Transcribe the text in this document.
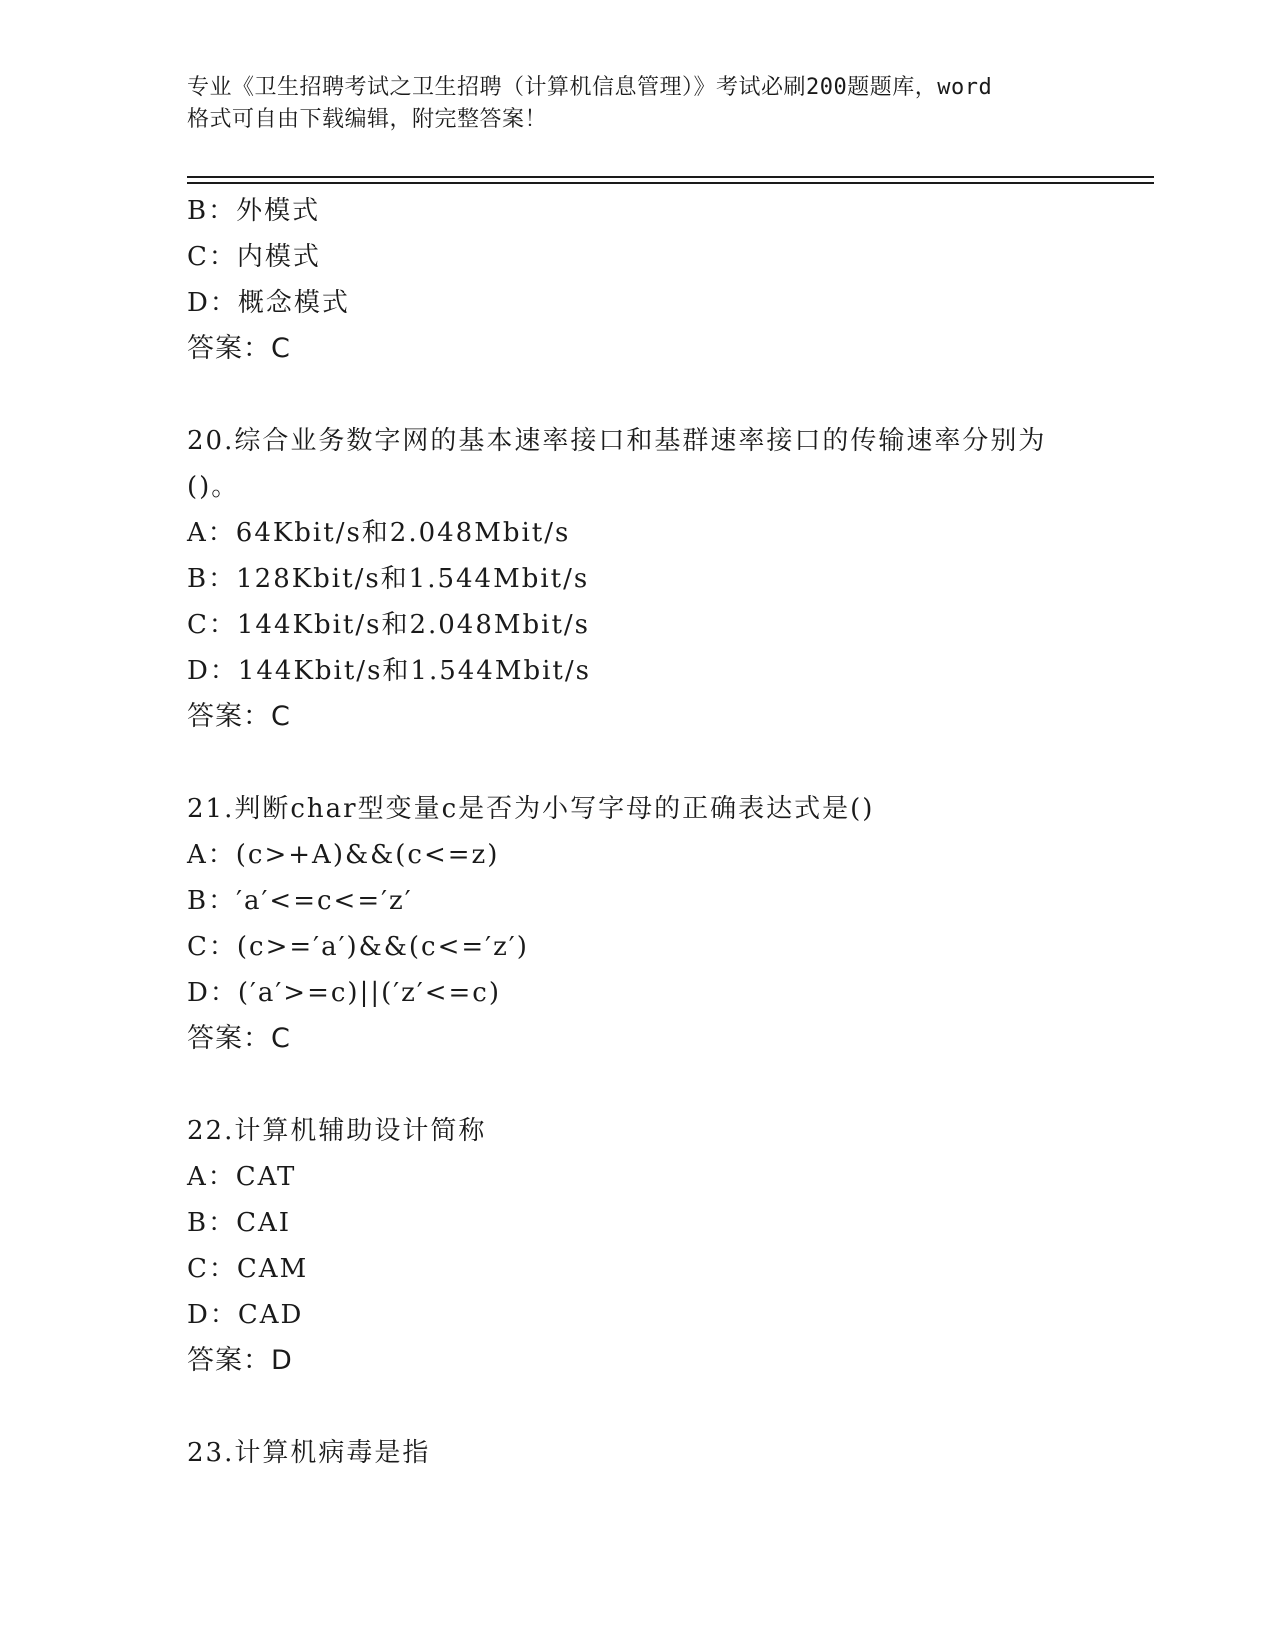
专业《卫生招聘考试之卫生招聘（计算机信息管理）》考试必刷200题题库，word
格式可自由下载编辑，附完整答案！
B：外模式
C：内模式
D：概念模式
答案：C
20.综合业务数字网的基本速率接口和基群速率接口的传输速率分别为
()。
A：64Kbit/s和2.048Mbit/s
B：128Kbit/s和1.544Mbit/s
C：144Kbit/s和2.048Mbit/s
D：144Kbit/s和1.544Mbit/s
答案：C
21.判断char型变量c是否为小写字母的正确表达式是()
A：(c>+A)&&(c<=z)
B：′a′<=c<=′z′
C：(c>=′a′)&&(c<=′z′)
D：(′a′>=c)||(′z′<=c)
答案：C
22.计算机辅助设计简称
A：CAT
B：CAI
C：CAM
D：CAD
答案：D
23.计算机病毒是指
